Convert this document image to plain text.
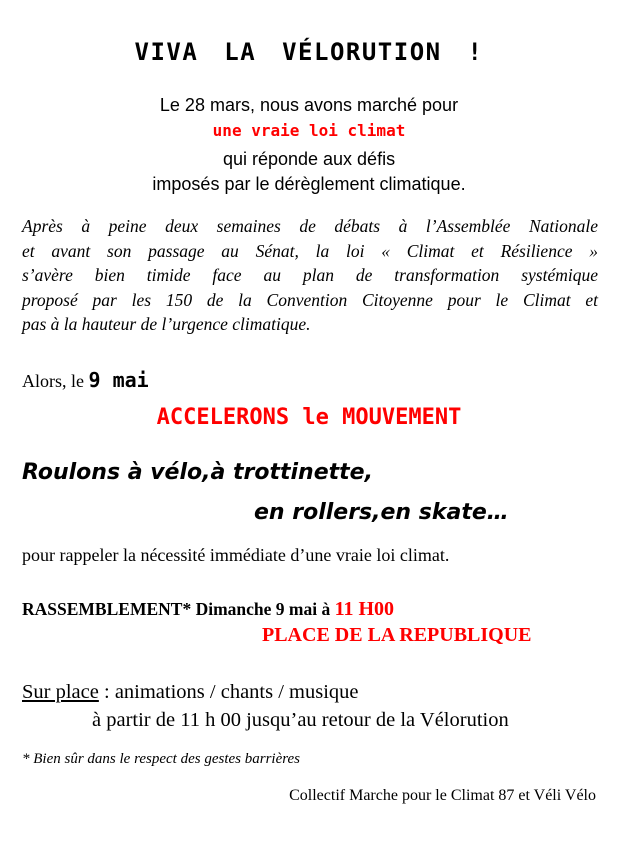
VIVA LA VÉLORUTION !
Le 28 mars, nous avons marché pour
une vraie loi climat
qui réponde aux défis
imposés par le dérèglement climatique.
Après à peine deux semaines de débats à l’Assemblée Nationale
et avant son passage au Sénat, la loi « Climat et Résilience »
s’avère bien timide face au plan de transformation systémique
proposé par les 150 de la Convention Citoyenne pour le Climat et
pas à la hauteur de l’urgence climatique.
Alors, le 9 mai
ACCELERONS le MOUVEMENT
Roulons à vélo,à trottinette,
en rollers,en skate…
pour rappeler la nécessité immédiate d’une vraie loi climat.
RASSEMBLEMENT* Dimanche 9 mai à 11 H00
PLACE DE LA REPUBLIQUE
Sur place : animations / chants / musique
à partir de 11 h 00 jusqu’au retour de la Vélorution
* Bien sûr dans le respect des gestes barrières
Collectif Marche pour le Climat 87 et Véli Vélo
